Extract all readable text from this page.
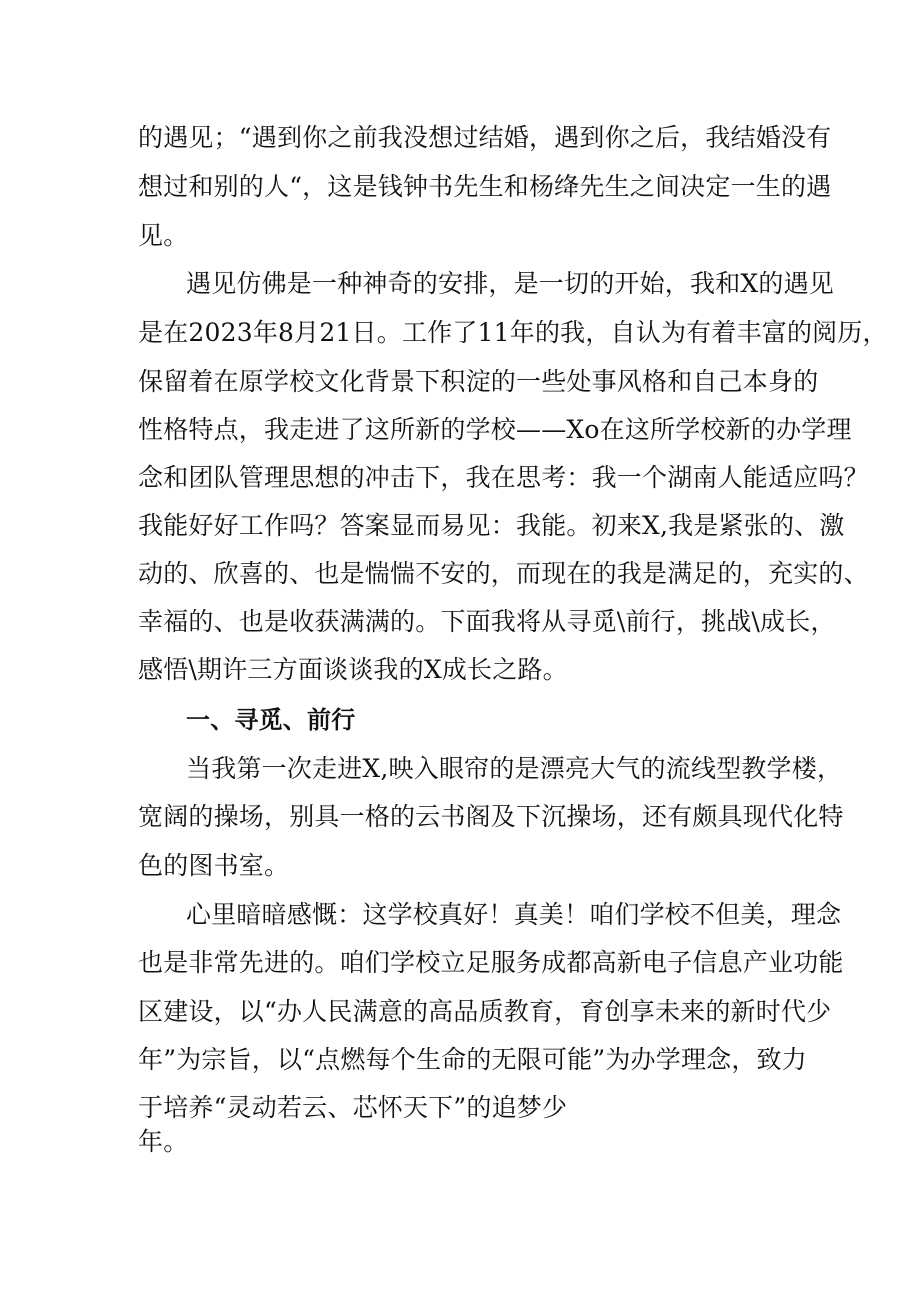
的遇见；“遇到你之前我没想过结婚，遇到你之后，我结婚没有
想过和别的人“，这是钱钟书先生和杨绛先生之间决定一生的遇
见。
遇见仿佛是一种神奇的安排，是一切的开始，我和X的遇见
是在2023年8月21日。工作了11年的我，自认为有着丰富的阅历，
保留着在原学校文化背景下积淀的一些处事风格和自己本身的
性格特点，我走进了这所新的学校——Xo在这所学校新的办学理
念和团队管理思想的冲击下，我在思考：我一个湖南人能适应吗？
我能好好工作吗？答案显而易见：我能。初来X,我是紧张的、激
动的、欣喜的、也是惴惴不安的，而现在的我是满足的，充实的、
幸福的、也是收获满满的。下面我将从寻觅\前行，挑战\成长，
感悟\期许三方面谈谈我的X成长之路。
一、寻觅、前行
当我第一次走进X,映入眼帘的是漂亮大气的流线型教学楼，
宽阔的操场，别具一格的云书阁及下沉操场，还有颇具现代化特
色的图书室。
心里暗暗感慨：这学校真好！真美！咱们学校不但美，理念
也是非常先进的。咱们学校立足服务成都高新电子信息产业功能
区建设，以“办人民满意的高品质教育，育创享未来的新时代少
年”为宗旨，以“点燃每个生命的无限可能”为办学理念，致力
于培养“灵动若云、芯怀天下”的追梦少
年。
